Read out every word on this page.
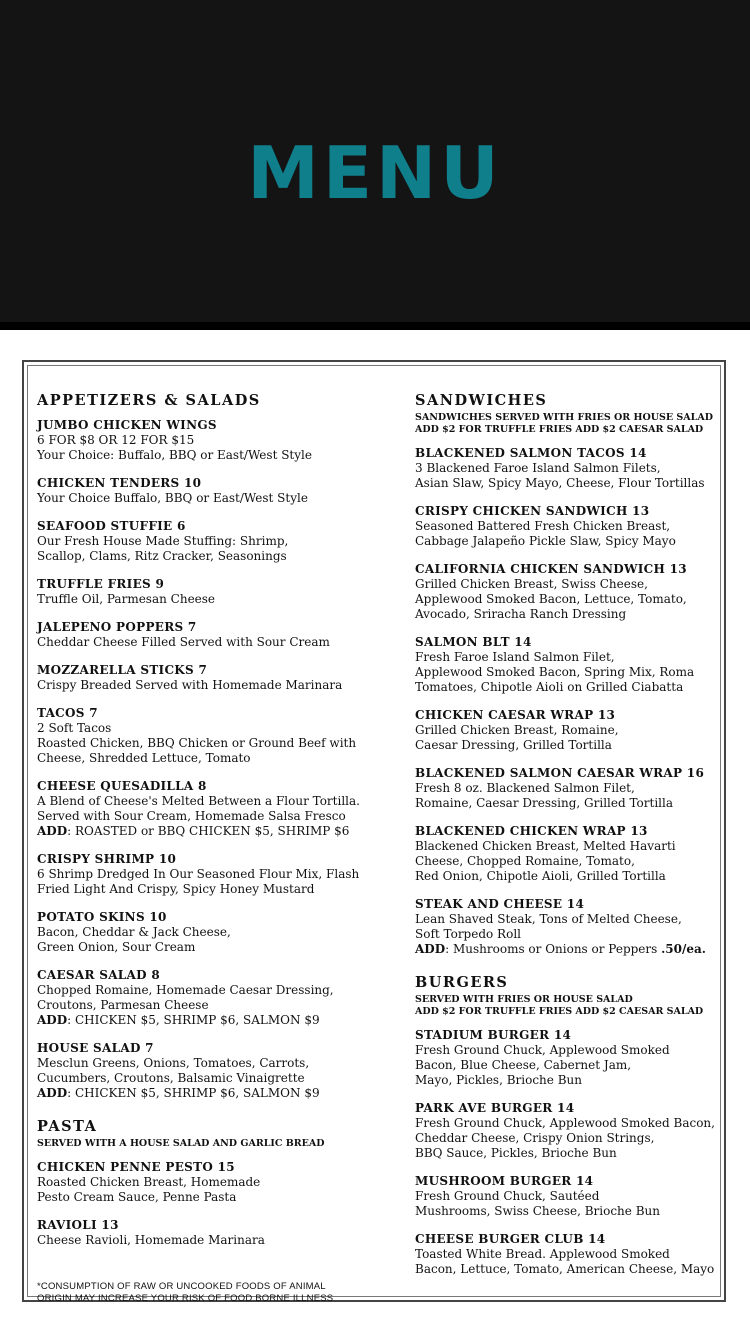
MENU
APPETIZERS & SALADS
JUMBO CHICKEN WINGS
6 FOR $8 OR 12 FOR $15
Your Choice: Buffalo, BBQ or East/West Style
CHICKEN TENDERS 10
Your Choice Buffalo, BBQ or East/West Style
SEAFOOD STUFFIE 6
Our Fresh House Made Stuffing: Shrimp,
Scallop, Clams, Ritz Cracker, Seasonings
TRUFFLE FRIES 9
Truffle Oil, Parmesan Cheese
JALEPENO POPPERS 7
Cheddar Cheese Filled Served with Sour Cream
MOZZARELLA STICKS 7
Crispy Breaded Served with Homemade Marinara
TACOS 7
2 Soft Tacos
Roasted Chicken, BBQ Chicken or Ground Beef with
Cheese, Shredded Lettuce, Tomato
CHEESE QUESADILLA 8
A Blend of Cheese's Melted Between a Flour Tortilla.
Served with Sour Cream, Homemade Salsa Fresco
ADD: ROASTED or BBQ CHICKEN $5, SHRIMP $6
CRISPY SHRIMP 10
6 Shrimp Dredged In Our Seasoned Flour Mix, Flash
Fried Light And Crispy, Spicy Honey Mustard
POTATO SKINS 10
Bacon, Cheddar & Jack Cheese,
Green Onion, Sour Cream
CAESAR SALAD 8
Chopped Romaine, Homemade Caesar Dressing,
Croutons, Parmesan Cheese
ADD: CHICKEN $5, SHRIMP $6, SALMON $9
HOUSE SALAD 7
Mesclun Greens, Onions, Tomatoes, Carrots,
Cucumbers, Croutons, Balsamic Vinaigrette
ADD: CHICKEN $5, SHRIMP $6, SALMON $9
PASTA
SERVED WITH A HOUSE SALAD AND GARLIC BREAD
CHICKEN PENNE PESTO 15
Roasted Chicken Breast, Homemade
Pesto Cream Sauce, Penne Pasta
RAVIOLI 13
Cheese Ravioli, Homemade Marinara
*CONSUMPTION OF RAW OR UNCOOKED FOODS OF ANIMAL
ORIGIN MAY INCREASE YOUR RISK OF FOOD BORNE ILLNESS
SANDWICHES
SANDWICHES SERVED WITH FRIES OR HOUSE SALAD
ADD $2 FOR TRUFFLE FRIES ADD $2 CAESAR SALAD
BLACKENED SALMON TACOS 14
3 Blackened Faroe Island Salmon Filets,
Asian Slaw, Spicy Mayo, Cheese, Flour Tortillas
CRISPY CHICKEN SANDWICH 13
Seasoned Battered Fresh Chicken Breast,
Cabbage Jalapeño Pickle Slaw, Spicy Mayo
CALIFORNIA CHICKEN SANDWICH 13
Grilled Chicken Breast, Swiss Cheese,
Applewood Smoked Bacon, Lettuce, Tomato,
Avocado, Sriracha Ranch Dressing
SALMON BLT 14
Fresh Faroe Island Salmon Filet,
Applewood Smoked Bacon, Spring Mix, Roma
Tomatoes, Chipotle Aioli on Grilled Ciabatta
CHICKEN CAESAR WRAP 13
Grilled Chicken Breast, Romaine,
Caesar Dressing, Grilled Tortilla
BLACKENED SALMON CAESAR WRAP 16
Fresh 8 oz. Blackened Salmon Filet,
Romaine, Caesar Dressing, Grilled Tortilla
BLACKENED CHICKEN WRAP 13
Blackened Chicken Breast, Melted Havarti
Cheese, Chopped Romaine, Tomato,
Red Onion, Chipotle Aioli, Grilled Tortilla
STEAK AND CHEESE 14
Lean Shaved Steak, Tons of Melted Cheese,
Soft Torpedo Roll
ADD: Mushrooms or Onions or Peppers .50/ea.
BURGERS
SERVED WITH FRIES OR HOUSE SALAD
ADD $2 FOR TRUFFLE FRIES ADD $2 CAESAR SALAD
STADIUM BURGER 14
Fresh Ground Chuck, Applewood Smoked
Bacon, Blue Cheese, Cabernet Jam,
Mayo, Pickles, Brioche Bun
PARK AVE BURGER 14
Fresh Ground Chuck, Applewood Smoked Bacon,
Cheddar Cheese, Crispy Onion Strings,
BBQ Sauce, Pickles, Brioche Bun
MUSHROOM BURGER 14
Fresh Ground Chuck, Sautéed
Mushrooms, Swiss Cheese, Brioche Bun
CHEESE BURGER CLUB 14
Toasted White Bread. Applewood Smoked
Bacon, Lettuce, Tomato, American Cheese, Mayo
